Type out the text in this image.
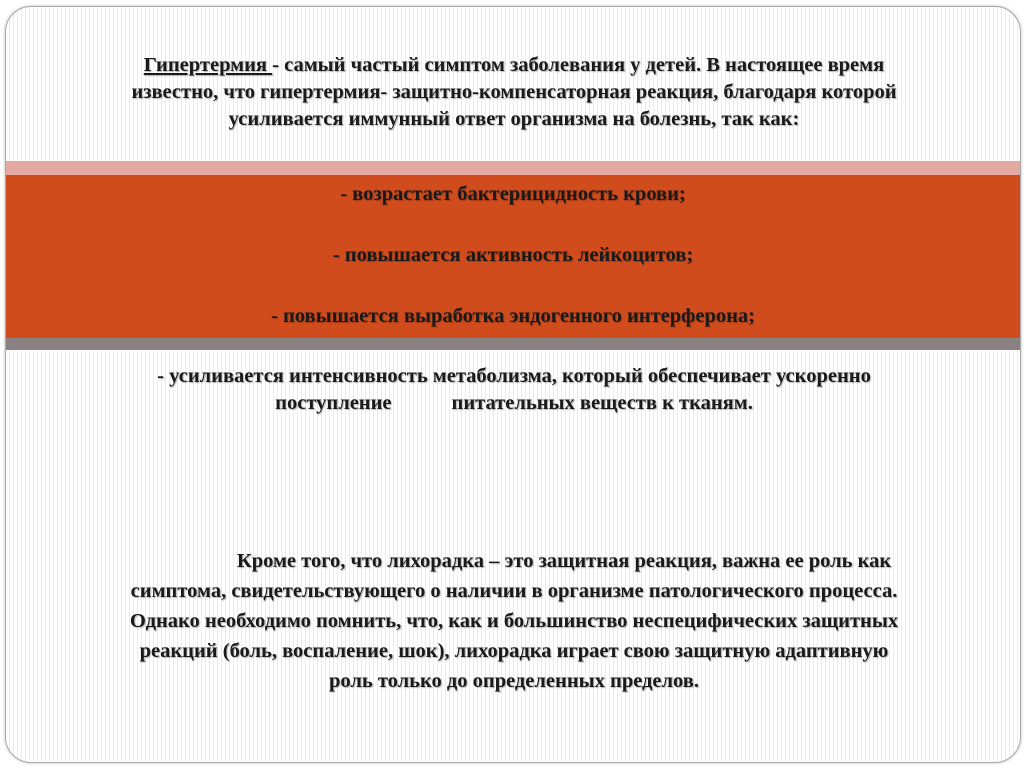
Гипертермия - самый частый симптом заболевания у детей. В настоящее время
известно, что гипертермия- защитно-компенсаторная реакция, благодаря которой
усиливается иммунный ответ организма на болезнь, так как:
- возрастает бактерицидность крови;
- повышается активность лейкоцитов;
- повышается выработка эндогенного интерферона;
- усиливается интенсивность метаболизма, который обеспечивает ускоренно
поступление	питательных веществ к тканям.
Кроме того, что лихорадка – это защитная реакция, важна ее роль как
симптома, свидетельствующего о наличии в организме патологического процесса.
Однако необходимо помнить, что, как и большинство неспецифических защитных
реакций (боль, воспаление, шок), лихорадка играет свою защитную адаптивную
роль только до определенных пределов.
